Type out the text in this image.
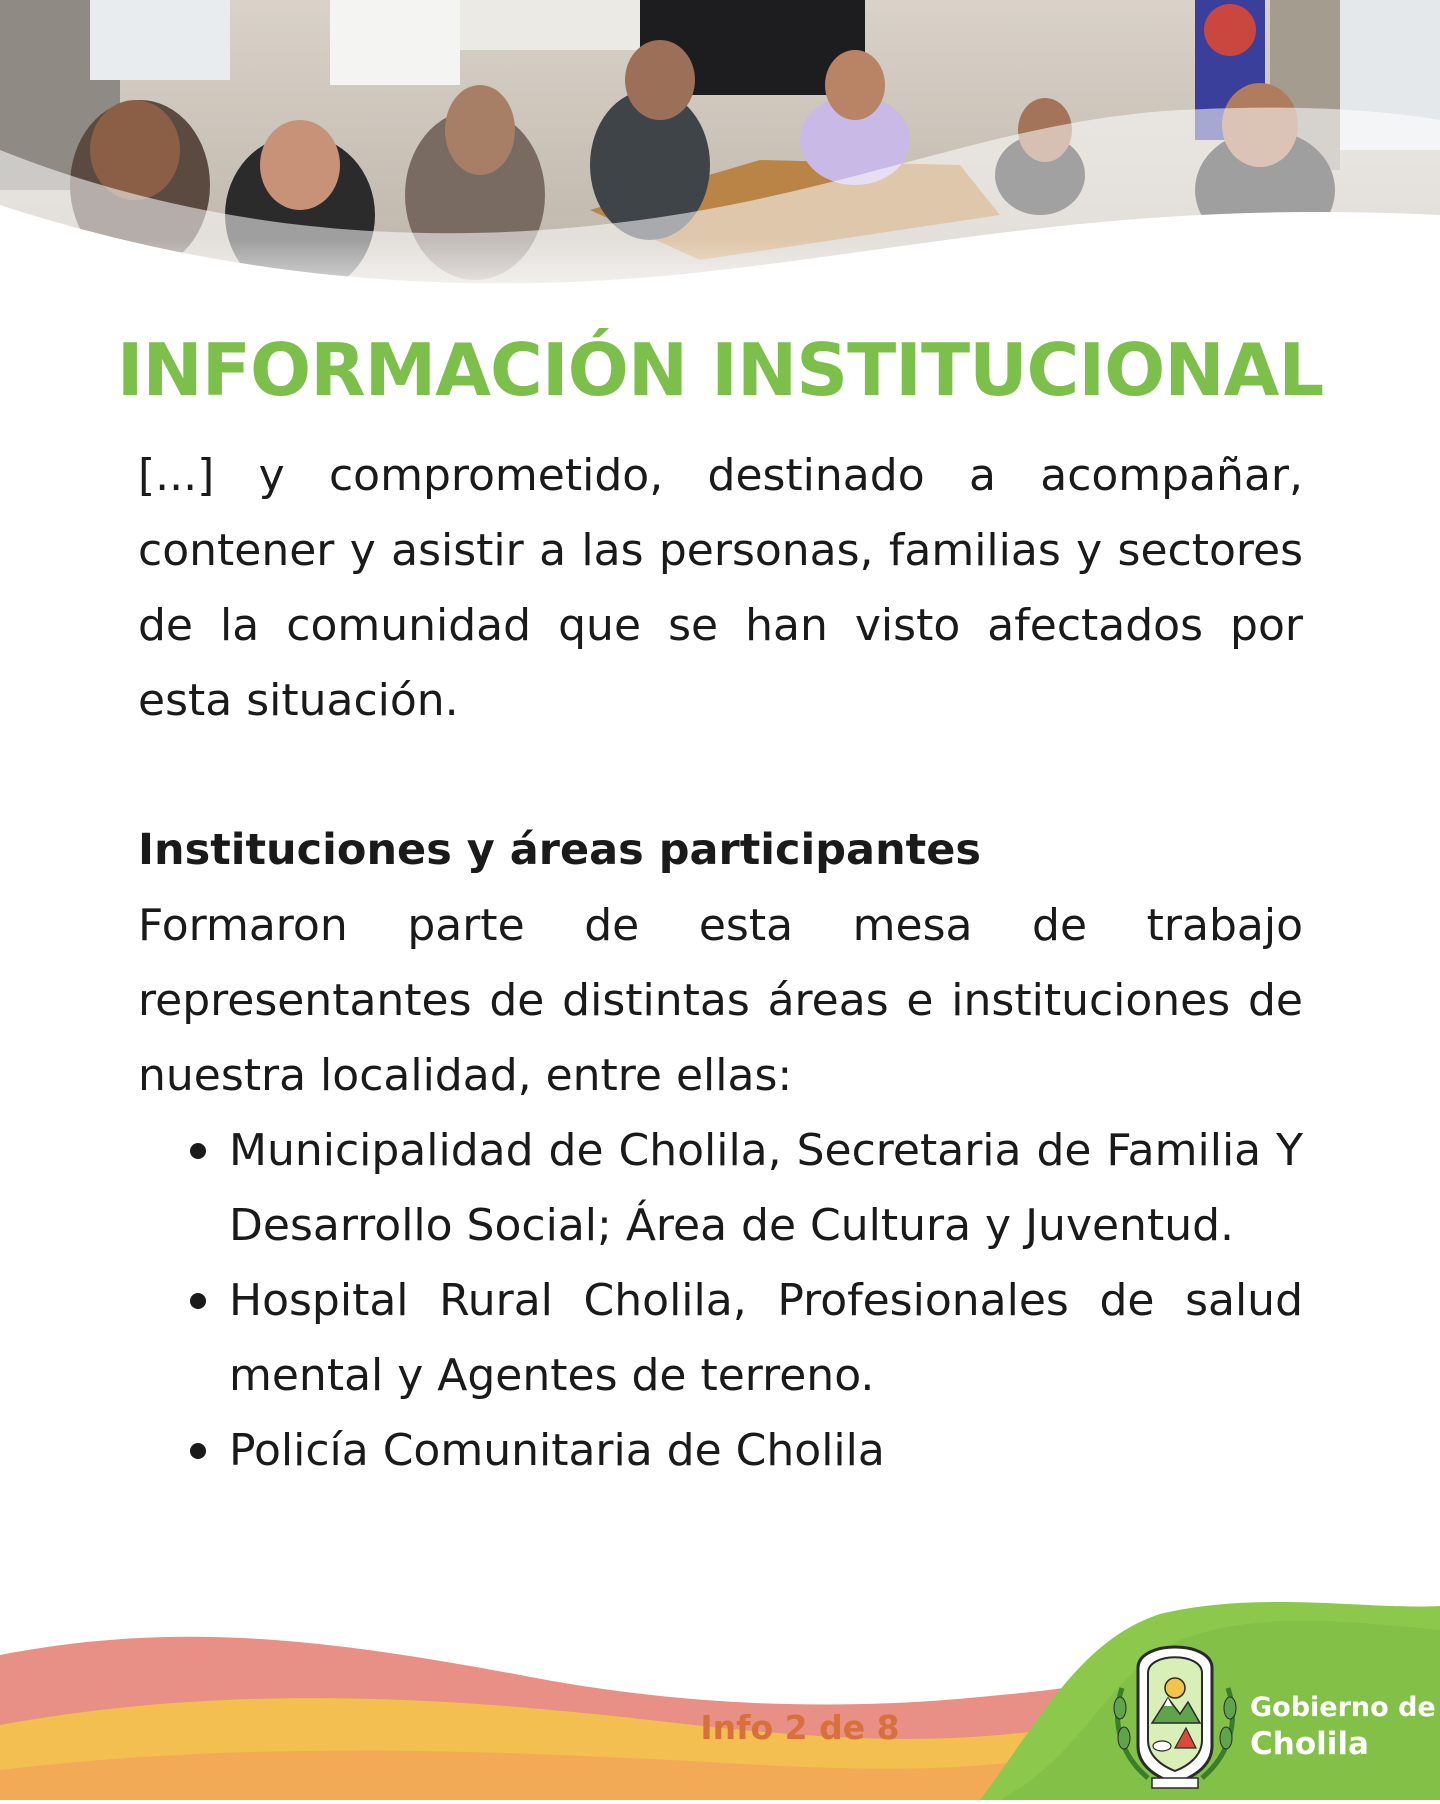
INFORMACIÓN INSTITUCIONAL

[...] y comprometido, destinado a acompañar, contener y asistir a las personas, familias y sectores de la comunidad que se han visto afectados por esta situación.

Instituciones y áreas participantes

Formaron parte de esta mesa de trabajo representantes de distintas áreas e instituciones de nuestra localidad, entre ellas:

Municipalidad de Cholila, Secretaria de Familia Y Desarrollo Social; Área de Cultura y Juventud.
Hospital Rural Cholila, Profesionales de salud mental y Agentes de terreno.
Policía Comunitaria de Cholila
Info 2 de 8
Gobierno de
Cholila
